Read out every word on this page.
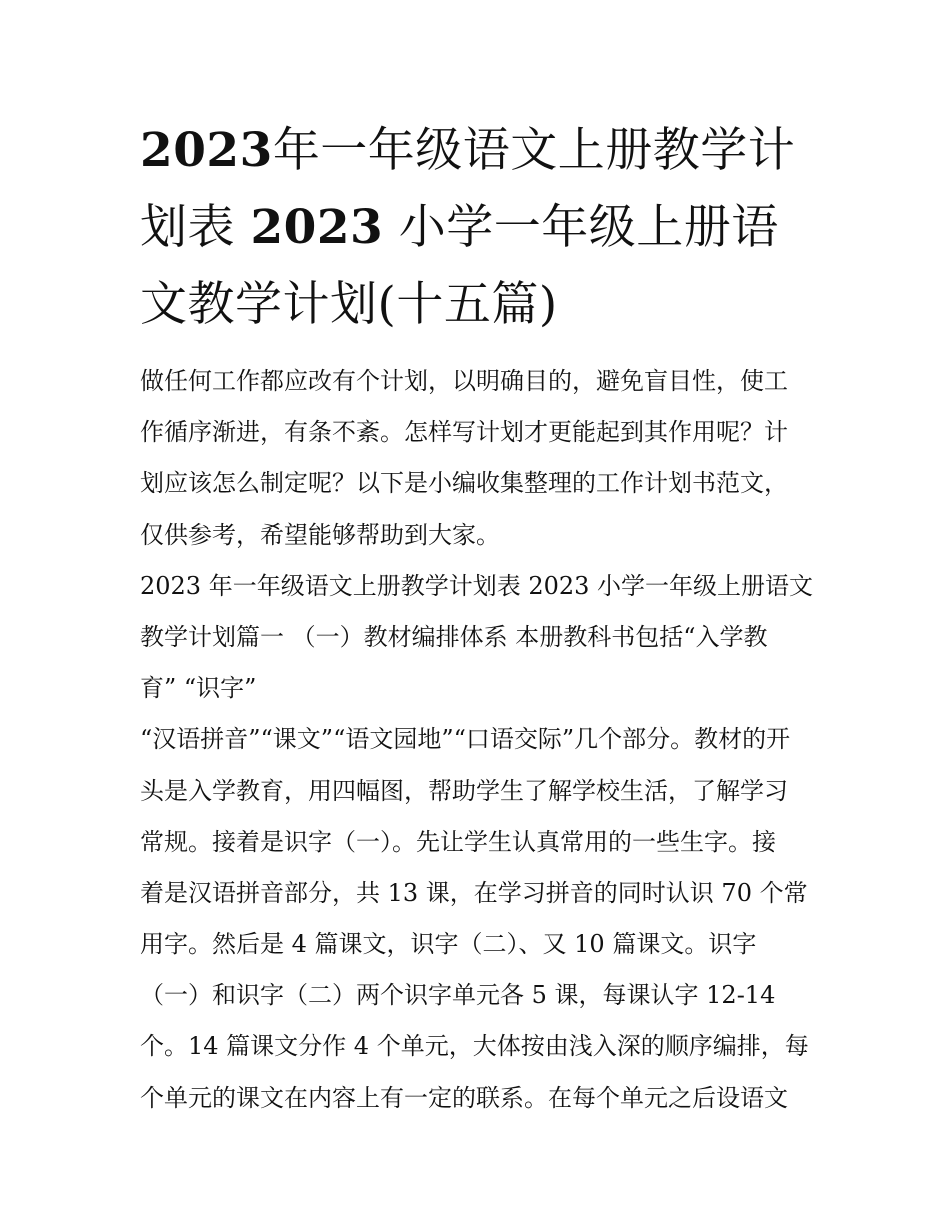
2023年一年级语文上册教学计
划表 2023 小学一年级上册语
文教学计划(十五篇)
做任何工作都应改有个计划，以明确目的，避免盲目性，使工
作循序渐进，有条不紊。怎样写计划才更能起到其作用呢？计
划应该怎么制定呢？以下是小编收集整理的工作计划书范文，
仅供参考，希望能够帮助到大家。
2023 年一年级语文上册教学计划表 2023 小学一年级上册语文
教学计划篇一 （一）教材编排体系 本册教科书包括“入学教
育” “识字”
“汉语拼音”“课文”“语文园地”“口语交际”几个部分。教材的开
头是入学教育，用四幅图，帮助学生了解学校生活，了解学习
常规。接着是识字（一）。先让学生认真常用的一些生字。接
着是汉语拼音部分，共 13 课，在学习拼音的同时认识 70 个常
用字。然后是 4 篇课文，识字（二）、又 10 篇课文。识字
（一）和识字（二）两个识字单元各 5 课，每课认字 12-14
个。14 篇课文分作 4 个单元，大体按由浅入深的顺序编排，每
个单元的课文在内容上有一定的联系。在每个单元之后设语文
